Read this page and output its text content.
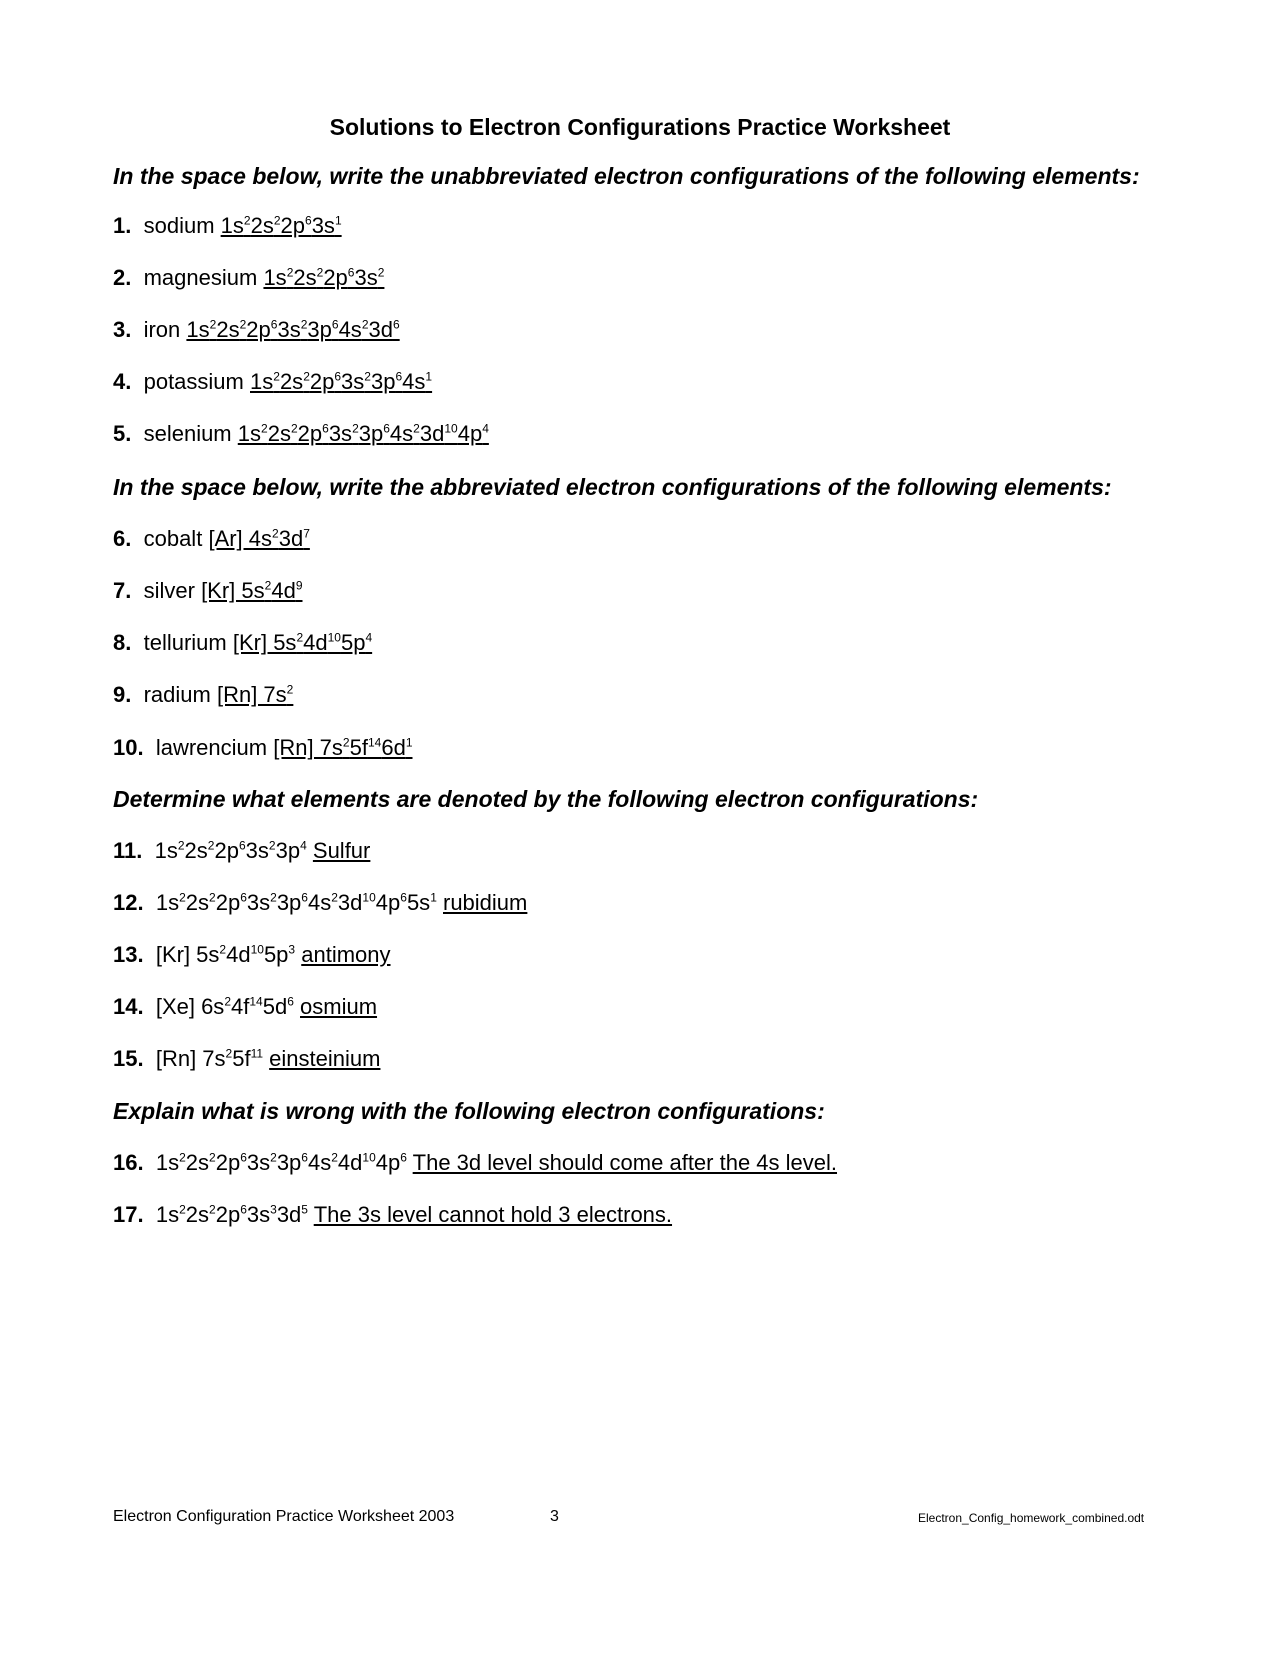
Solutions to Electron Configurations Practice Worksheet
In the space below, write the unabbreviated electron configurations of the following elements:
In the space below, write the abbreviated electron configurations of the following elements:
Determine what elements are denoted by the following electron configurations:
Explain what is wrong with the following electron configurations:
1. sodium $1s^22s^22p^63s^1$
2. magnesium $1s^22s^22p^63s^2$
3. iron $1s^22s^22p^63s^23p^64s^23d^6$
4. potassium $1s^22s^22p^63s^23p^64s^1$
5. selenium $1s^22s^22p^63s^23p^64s^23d^{10}4p^4$
6. cobalt [Ar] $4s^23d^7$
7. silver [Kr] $5s^24d^9$
8. tellurium [Kr] $5s^24d^{10}5p^4$
9. radium [Rn] $7s^2$
10. lawrencium [Rn] $7s^25f^{14}6d^1$
11. $1s^22s^22p^63s^23p^4$ Sulfur
12. $1s^22s^22p^63s^23p^64s^23d^{10}4p^65s^1$ rubidium
13. [Kr] $5s^24d^{10}5p^3$ antimony
14. [Xe] $6s^24f^{14}5d^6$ osmium
15. [Rn] $7s^25f^{11}$ einsteinium
16. $1s^22s^22p^63s^23p^64s^24d^{10}4p^6$ The 3d level should come after the 4s level.
17. $1s^22s^22p^63s^33d^5$ The 3s level cannot hold 3 electrons.
Electron Configuration Practice Worksheet 2003	3	Electron_Config_homework_combined.odt
